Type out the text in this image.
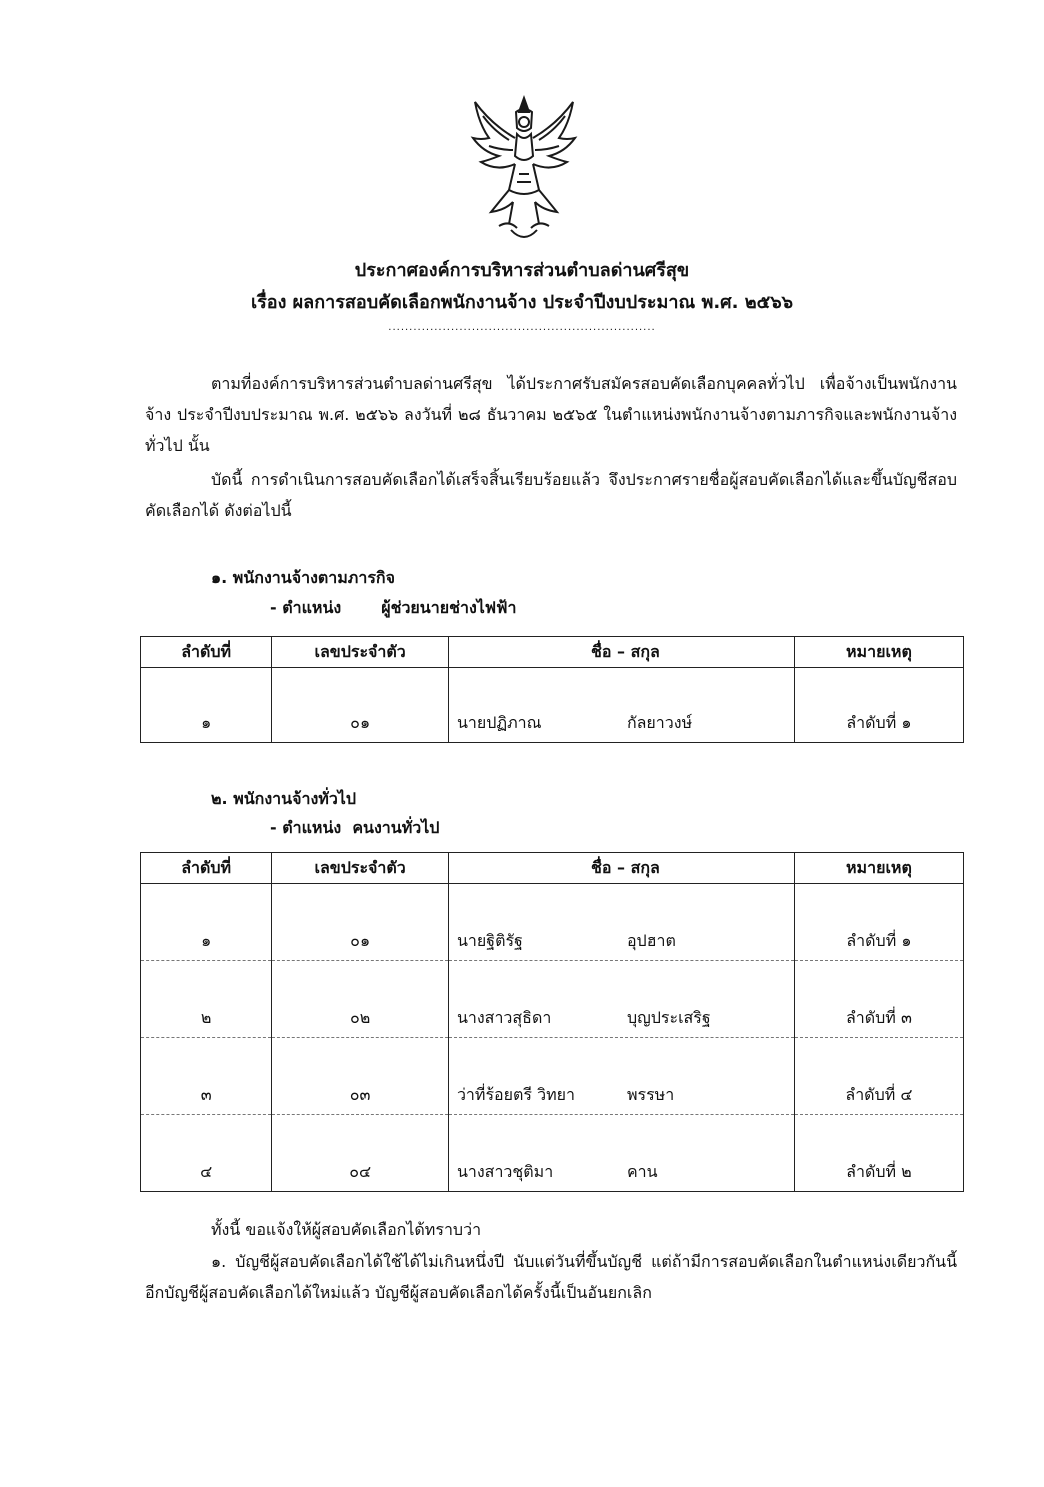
ประกาศองค์การบริหารส่วนตำบลด่านศรีสุข
เรื่อง ผลการสอบคัดเลือกพนักงานจ้าง ประจำปีงบประมาณ พ.ศ. ๒๕๖๖
................................................................
ตามที่องค์การบริหารส่วนตำบลด่านศรีสุข ได้ประกาศรับสมัครสอบคัดเลือกบุคคลทั่วไป เพื่อจ้างเป็นพนักงานจ้าง ประจำปีงบประมาณ พ.ศ. ๒๕๖๖ ลงวันที่ ๒๘ ธันวาคม ๒๕๖๕ ในตำแหน่งพนักงานจ้างตามภารกิจและพนักงานจ้างทั่วไป นั้น
บัดนี้ การดำเนินการสอบคัดเลือกได้เสร็จสิ้นเรียบร้อยแล้ว จึงประกาศรายชื่อผู้สอบคัดเลือกได้และขึ้นบัญชีสอบคัดเลือกได้ ดังต่อไปนี้
๑. พนักงานจ้างตามภารกิจ
- ตำแหน่ง	ผู้ช่วยนายช่างไฟฟ้า
ลำดับที่	เลขประจำตัว	ชื่อ – สกุล	หมายเหตุ
๑	๐๑	นายปฏิภาณ กัลยาวงษ์	ลำดับที่ ๑
๒. พนักงานจ้างทั่วไป
- ตำแหน่ง คนงานทั่วไป
ลำดับที่	เลขประจำตัว	ชื่อ – สกุล	หมายเหตุ
๑	๐๑	นายฐิติรัฐ อุปฮาต	ลำดับที่ ๑
๒	๐๒	นางสาวสุธิดา บุญประเสริฐ	ลำดับที่ ๓
๓	๐๓	ว่าที่ร้อยตรี วิทยา พรรษา	ลำดับที่ ๔
๔	๐๔	นางสาวชุติมา คาน	ลำดับที่ ๒
ทั้งนี้ ขอแจ้งให้ผู้สอบคัดเลือกได้ทราบว่า
๑. บัญชีผู้สอบคัดเลือกได้ใช้ได้ไม่เกินหนึ่งปี นับแต่วันที่ขึ้นบัญชี แต่ถ้ามีการสอบคัดเลือกในตำแหน่งเดียวกันนี้อีกบัญชีผู้สอบคัดเลือกได้ใหม่แล้ว บัญชีผู้สอบคัดเลือกได้ครั้งนี้เป็นอันยกเลิก
